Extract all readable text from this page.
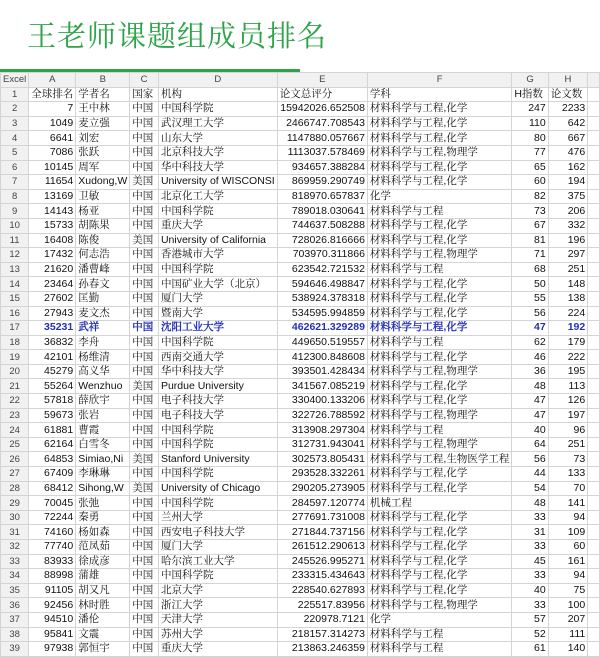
王老师课题组成员排名
Excel	A	B	C	D	E	F	G	H	
1	全球排名	学者名	国家	机构	论文总评分	学科	H指数	论文数	
2	7	王中林	中国	中国科学院	15942026.652508	材料科学与工程,化学	247	2233	
3	1049	麦立强	中国	武汉理工大学	2466747.708543	材料科学与工程,化学	110	642	
4	6641	刘宏	中国	山东大学	1147880.057667	材料科学与工程,化学	80	667	
5	7086	张跃	中国	北京科技大学	1113037.578469	材料科学与工程,物理学	77	476	
6	10145	周军	中国	华中科技大学	934657.388284	材料科学与工程,化学	65	162	
7	11654	Xudong,W	美国	University of WISCONSI	869959.290749	材料科学与工程,化学	60	194	
8	13169	卫敏	中国	北京化工大学	818970.657837	化学	82	375	
9	14143	杨亚	中国	中国科学院	789018.030641	材料科学与工程	73	206	
10	15733	胡陈果	中国	重庆大学	744637.508288	材料科学与工程,化学	67	332	
11	16408	陈俊	美国	University of California	728026.816666	材料科学与工程,化学	81	196	
12	17432	何志浩	中国	香港城市大学	703970.311866	材料科学与工程,物理学	71	297	
13	21620	潘曹峰	中国	中国科学院	623542.721532	材料科学与工程	68	251	
14	23464	孙春文	中国	中国矿业大学（北京）	594646.498847	材料科学与工程,化学	50	148	
15	27602	匡勤	中国	厦门大学	538924.378318	材料科学与工程,化学	55	138	
16	27943	麦文杰	中国	暨南大学	534595.994859	材料科学与工程,化学	56	224	
17	35231	武祥	中国	沈阳工业大学	462621.329289	材料科学与工程,化学	47	192	
18	36832	李舟	中国	中国科学院	449650.519557	材料科学与工程	62	179	
19	42101	杨维清	中国	西南交通大学	412300.848608	材料科学与工程,化学	46	222	
20	45279	高义华	中国	华中科技大学	393501.428434	材料科学与工程,物理学	36	195	
21	55264	Wenzhuo	美国	Purdue University	341567.085219	材料科学与工程,化学	48	113	
22	57818	薛欣宇	中国	电子科技大学	330400.133206	材料科学与工程,化学	47	126	
23	59673	张岩	中国	电子科技大学	322726.788592	材料科学与工程,物理学	47	197	
24	61881	曹霞	中国	中国科学院	313908.297304	材料科学与工程	40	96	
25	62164	白雪冬	中国	中国科学院	312731.943041	材料科学与工程,物理学	64	251	
26	64853	Simiao,Ni	美国	Stanford University	302573.805431	材料科学与工程,生物医学工程	56	73	
27	67409	李琳琳	中国	中国科学院	293528.332261	材料科学与工程,化学	44	133	
28	68412	Sihong,W	美国	University of Chicago	290205.273905	材料科学与工程,化学	54	70	
29	70045	张弛	中国	中国科学院	284597.120774	机械工程	48	141	
30	72244	秦勇	中国	兰州大学	277691.731008	材料科学与工程,化学	33	94	
31	74160	杨如森	中国	西安电子科技大学	271844.737156	材料科学与工程,化学	31	109	
32	77740	范凤茹	中国	厦门大学	261512.290613	材料科学与工程,化学	33	60	
33	83933	徐成彦	中国	哈尔滨工业大学	245526.995271	材料科学与工程,化学	45	161	
34	88998	蒲雄	中国	中国科学院	233315.434643	材料科学与工程,化学	33	94	
35	91105	胡又凡	中国	北京大学	228540.627893	材料科学与工程,化学	40	75	
36	92456	林时胜	中国	浙江大学	225517.83956	材料科学与工程,物理学	33	100	
37	94510	潘伦	中国	天津大学	220978.7121	化学	57	207	
38	95841	文震	中国	苏州大学	218157.314273	材料科学与工程	52	111	
39	97938	郭恒宇	中国	重庆大学	213863.246359	材料科学与工程	61	140	
